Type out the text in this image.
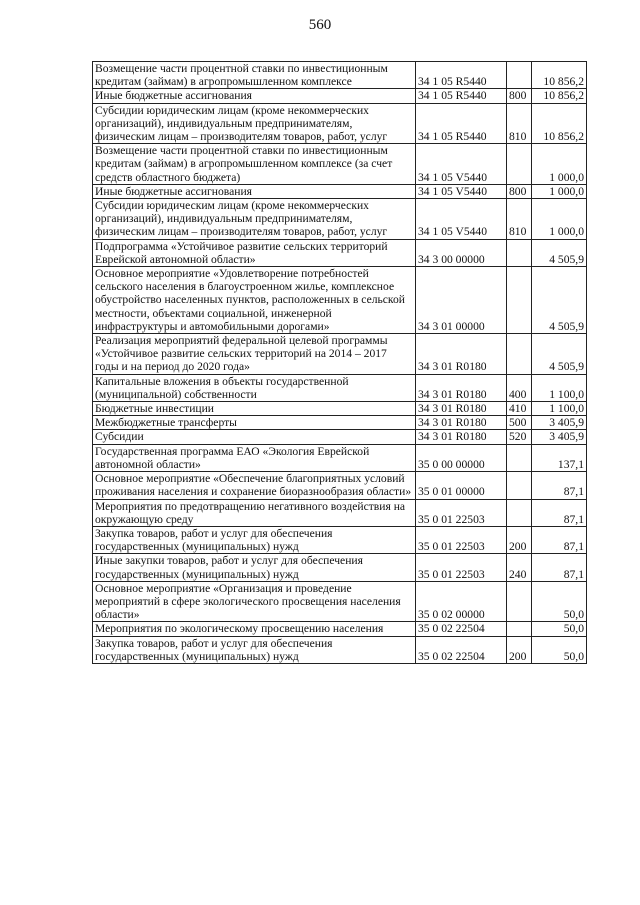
560
Возмещение части процентной ставки по инвестиционным кредитам (займам) в агропромышленном комплексе	34 1 05 R5440		10 856,2
Иные бюджетные ассигнования	34 1 05 R5440	800	10 856,2
Субсидии юридическим лицам (кроме некоммерческих организаций), индивидуальным предпринимателям, физическим лицам – производителям товаров, работ, услуг	34 1 05 R5440	810	10 856,2
Возмещение части процентной ставки по инвестиционным кредитам (займам) в агропромышленном комплексе (за счет средств областного бюджета)	34 1 05 V5440		1 000,0
Иные бюджетные ассигнования	34 1 05 V5440	800	1 000,0
Субсидии юридическим лицам (кроме некоммерческих организаций), индивидуальным предпринимателям, физическим лицам – производителям товаров, работ, услуг	34 1 05 V5440	810	1 000,0
Подпрограмма «Устойчивое развитие сельских территорий Еврейской автономной области»	34 3 00 00000		4 505,9
Основное мероприятие «Удовлетворение потребностей сельского населения в благоустроенном жилье, комплексное обустройство населенных пунктов, расположенных в сельской местности, объектами социальной, инженерной инфраструктуры и автомобильными дорогами»	34 3 01 00000		4 505,9
Реализация мероприятий федеральной целевой программы «Устойчивое развитие сельских территорий на 2014 – 2017 годы и на период до 2020 года»	34 3 01 R0180		4 505,9
Капитальные вложения в объекты государственной (муниципальной) собственности	34 3 01 R0180	400	1 100,0
Бюджетные инвестиции	34 3 01 R0180	410	1 100,0
Межбюджетные трансферты	34 3 01 R0180	500	3 405,9
Субсидии	34 3 01 R0180	520	3 405,9
Государственная программа ЕАО «Экология Еврейской автономной области»	35 0 00 00000		137,1
Основное мероприятие «Обеспечение благоприятных условий проживания населения и сохранение биоразнообразия области»	35 0 01 00000		87,1
Мероприятия по предотвращению негативного воздействия на окружающую среду	35 0 01 22503		87,1
Закупка товаров, работ и услуг для обеспечения государственных (муниципальных) нужд	35 0 01 22503	200	87,1
Иные закупки товаров, работ и услуг для обеспечения государственных (муниципальных) нужд	35 0 01 22503	240	87,1
Основное мероприятие «Организация и проведение мероприятий в сфере экологического просвещения населения области»	35 0 02 00000		50,0
Мероприятия по экологическому просвещению населения	35 0 02 22504		50,0
Закупка товаров, работ и услуг для обеспечения государственных (муниципальных) нужд	35 0 02 22504	200	50,0
